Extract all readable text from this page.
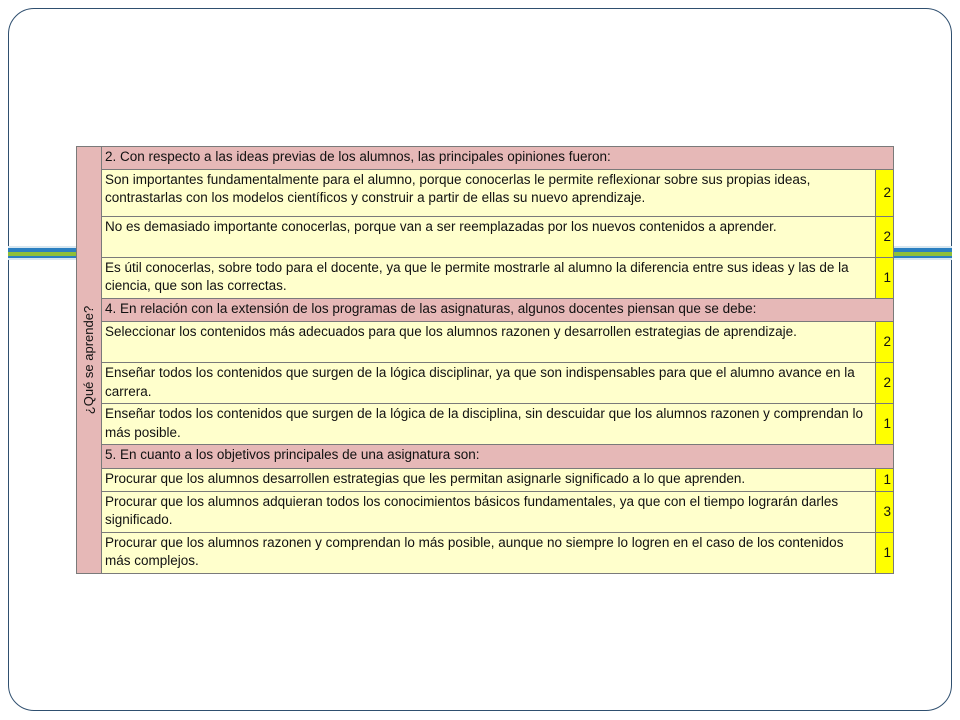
¿Qué se aprende?	2. Con respecto a las ideas previas de los alumnos, las principales opiniones fueron:	
	Son importantes fundamentalmente para el alumno, porque conocerlas le permite reflexionar sobre sus propias ideas, contrastarlas con los modelos científicos y construir a partir de ellas su nuevo aprendizaje.	2
	No es demasiado importante conocerlas, porque van a ser reemplazadas por los nuevos contenidos a aprender.	2
	Es útil conocerlas, sobre todo para el docente, ya que le permite mostrarle al alumno la diferencia entre sus ideas y las de la ciencia, que son las correctas.	1
	4. En relación con la extensión de los programas de las asignaturas, algunos docentes piensan que se debe:	
	Seleccionar los contenidos más adecuados para que los alumnos razonen y desarrollen estrategias de aprendizaje.	2
	Enseñar todos los contenidos que surgen de la lógica disciplinar, ya que son indispensables para que el alumno avance en la carrera.	2
	Enseñar todos los contenidos que surgen de la lógica de la disciplina, sin descuidar que los alumnos razonen y comprendan lo más posible.	1
	5. En cuanto a los objetivos principales de una asignatura son:	
	Procurar que los alumnos desarrollen estrategias que les permitan asignarle significado a lo que aprenden.	1
	Procurar que los alumnos adquieran todos los conocimientos básicos fundamentales, ya que con el tiempo lograrán darles significado.	3
	Procurar que los alumnos razonen y comprendan lo más posible, aunque no siempre lo logren en el caso de los contenidos más complejos.	1
